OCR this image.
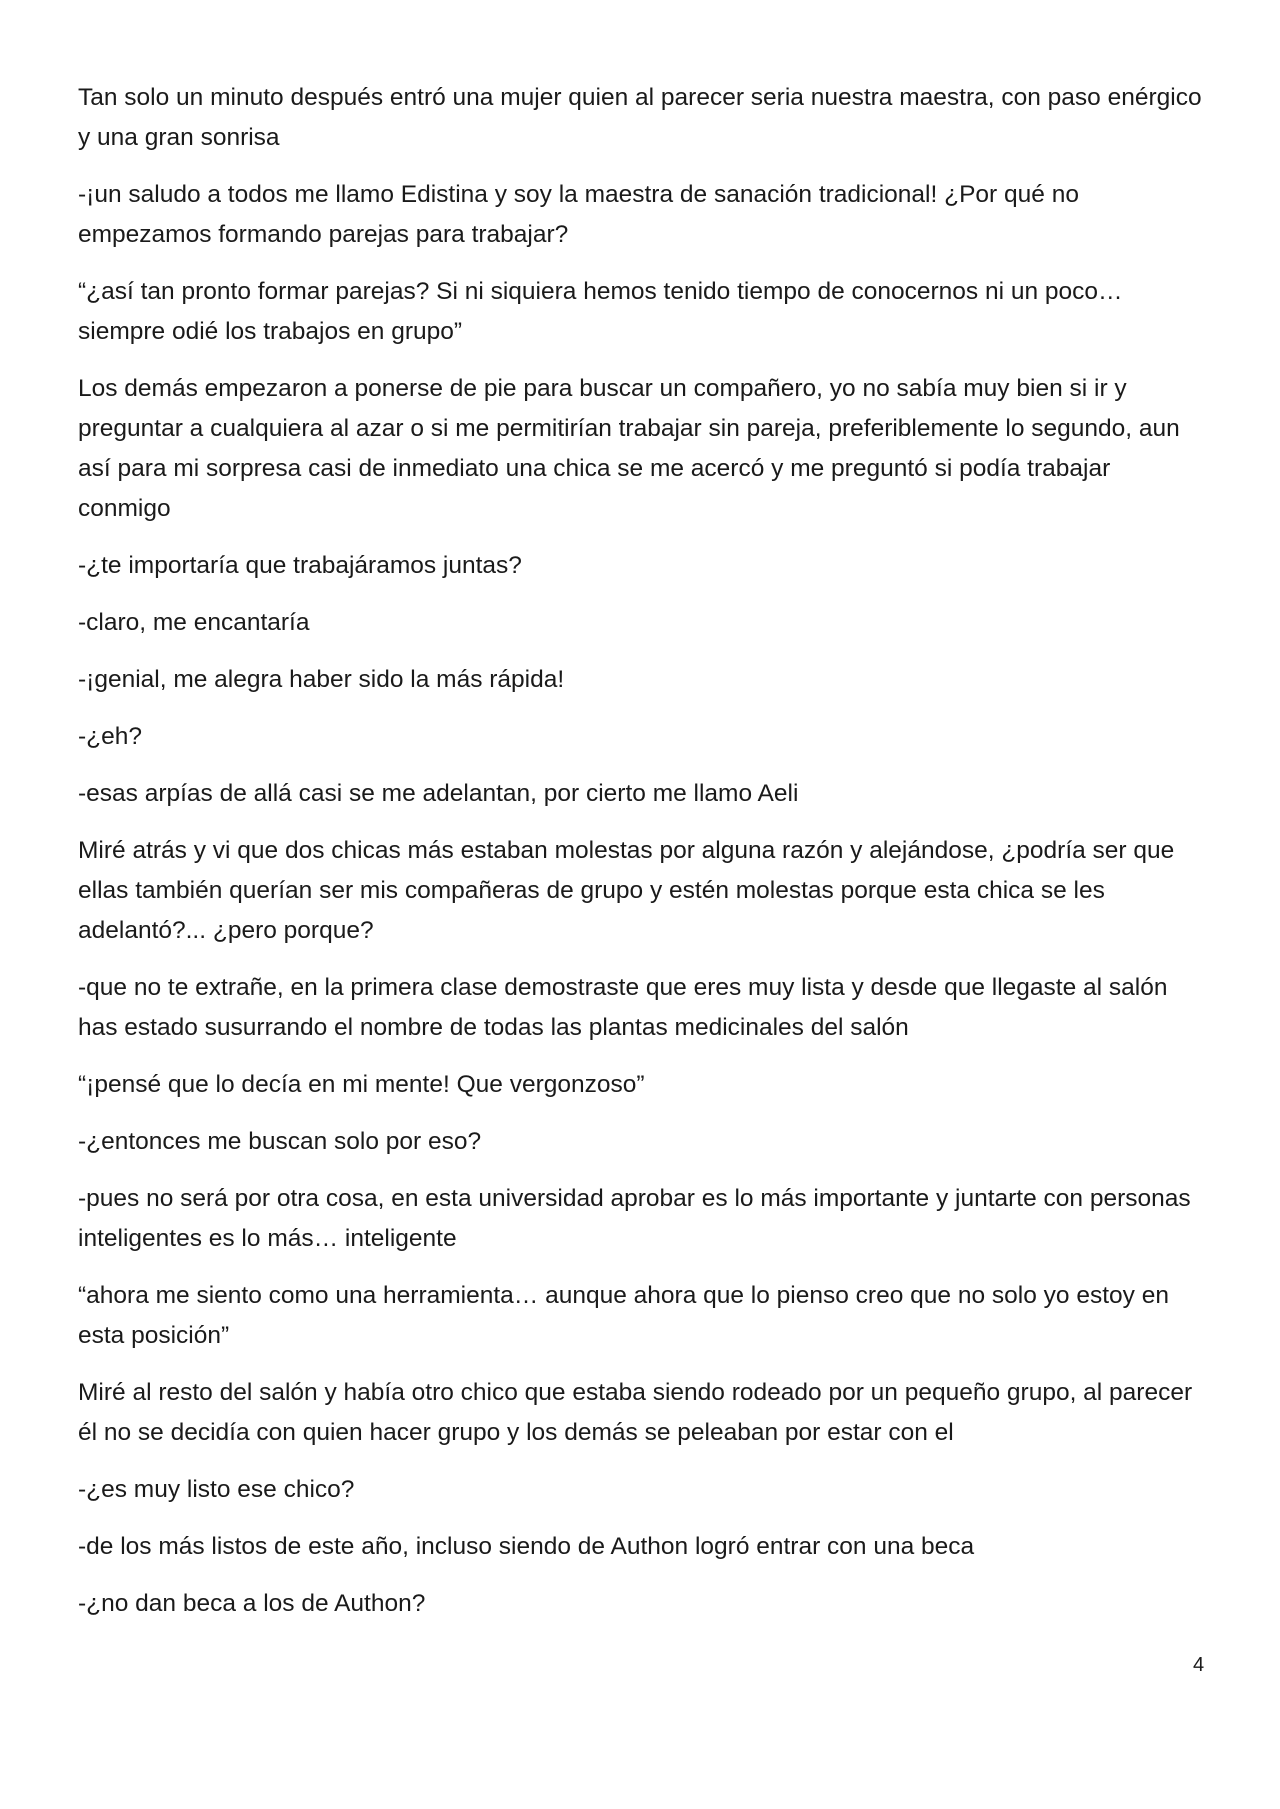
Tan solo un minuto después entró una mujer quien al parecer seria nuestra maestra, con paso enérgico y una gran sonrisa

-¡un saludo a todos me llamo Edistina y soy la maestra de sanación tradicional! ¿Por qué no empezamos formando parejas para trabajar?

“¿así tan pronto formar parejas? Si ni siquiera hemos tenido tiempo de conocernos ni un poco… siempre odié los trabajos en grupo”

Los demás empezaron a ponerse de pie para buscar un compañero, yo no sabía muy bien si ir y preguntar a cualquiera al azar o si me permitirían trabajar sin pareja, preferiblemente lo segundo, aun así para mi sorpresa casi de inmediato una chica se me acercó y me preguntó si podía trabajar conmigo

-¿te importaría que trabajáramos juntas?

-claro, me encantaría

-¡genial, me alegra haber sido la más rápida!

-¿eh?

-esas arpías de allá casi se me adelantan, por cierto me llamo Aeli

Miré atrás y vi que dos chicas más estaban molestas por alguna razón y alejándose, ¿podría ser que ellas también querían ser mis compañeras de grupo y estén molestas porque esta chica se les adelantó?... ¿pero porque?

-que no te extrañe, en la primera clase demostraste que eres muy lista y desde que llegaste al salón has estado susurrando el nombre de todas las plantas medicinales del salón

“¡pensé que lo decía en mi mente! Que vergonzoso”

-¿entonces me buscan solo por eso?

-pues no será por otra cosa, en esta universidad aprobar es lo más importante y juntarte con personas inteligentes es lo más… inteligente

“ahora me siento como una herramienta… aunque ahora que lo pienso creo que no solo yo estoy en esta posición”

Miré al resto del salón y había otro chico que estaba siendo rodeado por un pequeño grupo, al parecer él no se decidía con quien hacer grupo y los demás se peleaban por estar con el

-¿es muy listo ese chico?

-de los más listos de este año, incluso siendo de Authon logró entrar con una beca

-¿no dan beca a los de Authon?

4
